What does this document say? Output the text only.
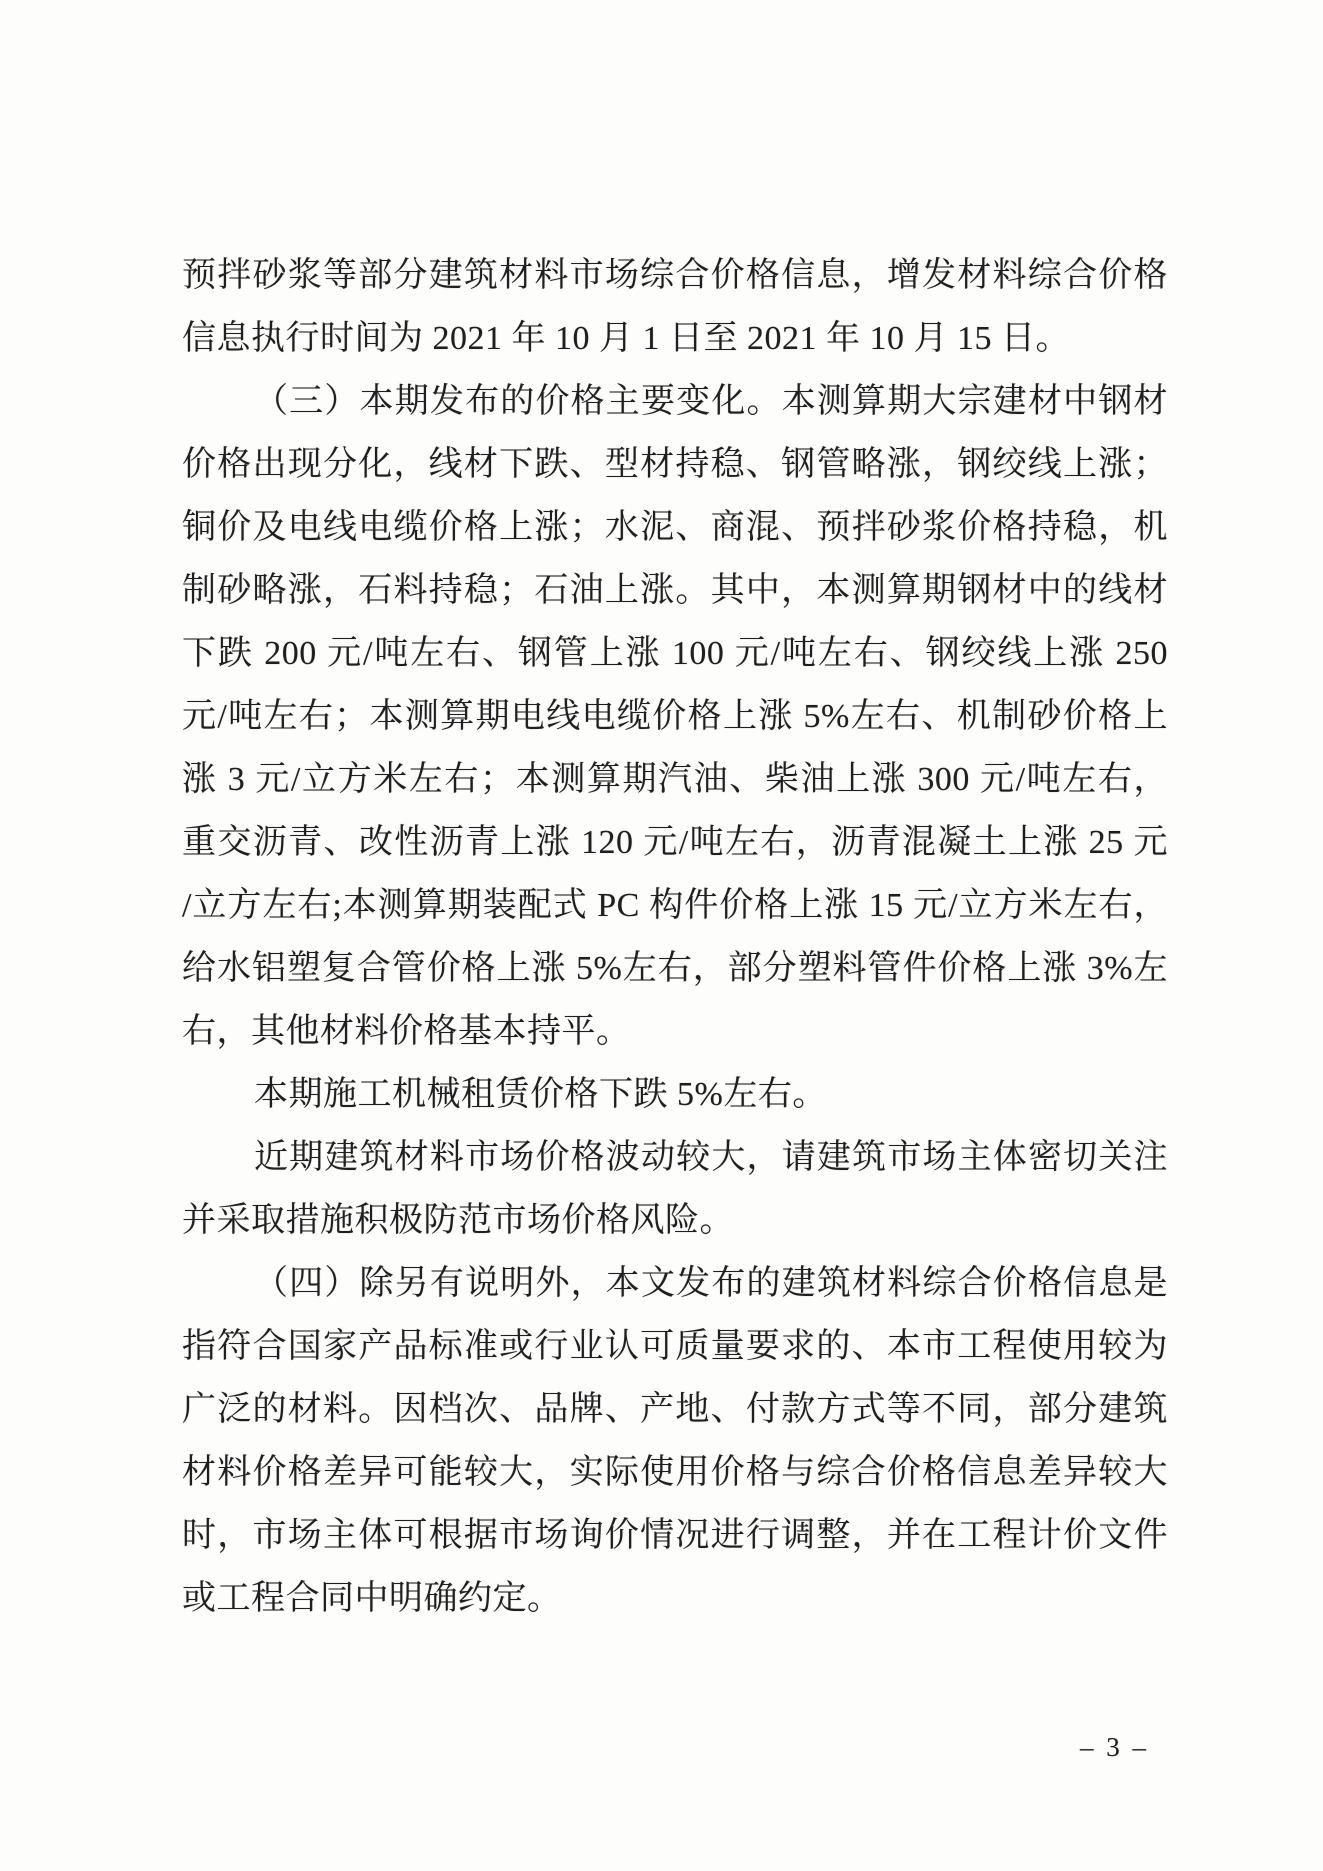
预拌砂浆等部分建筑材料市场综合价格信息，增发材料综合价格
信息执行时间为 2021 年 10 月 1 日至 2021 年 10 月 15 日。
（三）本期发布的价格主要变化。本测算期大宗建材中钢材
价格出现分化，线材下跌、型材持稳、钢管略涨，钢绞线上涨；
铜价及电线电缆价格上涨；水泥、商混、预拌砂浆价格持稳，机
制砂略涨，石料持稳；石油上涨。其中，本测算期钢材中的线材
下跌 200 元/吨左右、钢管上涨 100 元/吨左右、钢绞线上涨 250
元/吨左右；本测算期电线电缆价格上涨 5%左右、机制砂价格上
涨 3 元/立方米左右；本测算期汽油、柴油上涨 300 元/吨左右，
重交沥青、改性沥青上涨 120 元/吨左右，沥青混凝土上涨 25 元
/立方左右;本测算期装配式 PC 构件价格上涨 15 元/立方米左右，
给水铝塑复合管价格上涨 5%左右，部分塑料管件价格上涨 3%左
右，其他材料价格基本持平。
本期施工机械租赁价格下跌 5%左右。
近期建筑材料市场价格波动较大，请建筑市场主体密切关注
并采取措施积极防范市场价格风险。
（四）除另有说明外，本文发布的建筑材料综合价格信息是
指符合国家产品标准或行业认可质量要求的、本市工程使用较为
广泛的材料。因档次、品牌、产地、付款方式等不同，部分建筑
材料价格差异可能较大，实际使用价格与综合价格信息差异较大
时，市场主体可根据市场询价情况进行调整，并在工程计价文件
或工程合同中明确约定。
– 3 –
